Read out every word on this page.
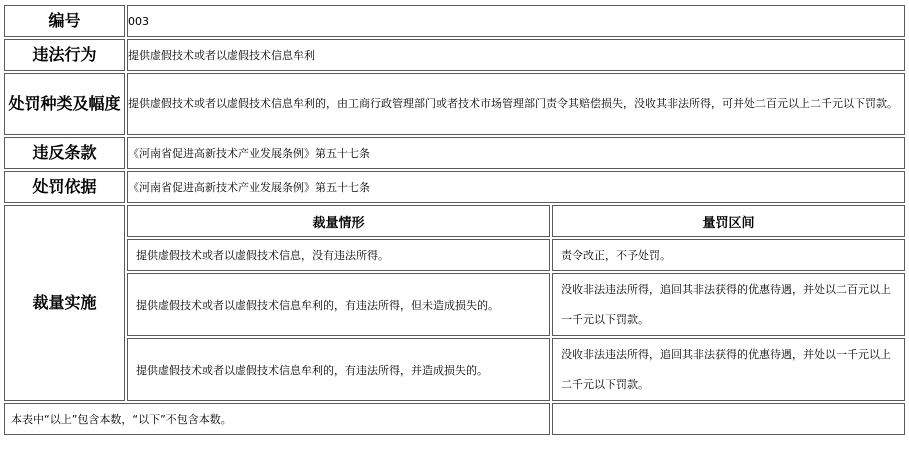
编号	003
违法行为	提供虚假技术或者以虚假技术信息牟利
处罚种类及幅度	提供虚假技术或者以虚假技术信息牟利的，由工商行政管理部门或者技术市场管理部门责令其赔偿损失，没收其非法所得，可并处二百元以上二千元以下罚款。
违反条款	《河南省促进高新技术产业发展条例》第五十七条
处罚依据	《河南省促进高新技术产业发展条例》第五十七条
裁量实施	
裁量情形	量罚区间
提供虚假技术或者以虚假技术信息，没有违法所得。	责令改正，不予处罚。
提供虚假技术或者以虚假技术信息牟利的，有违法所得，但未造成损失的。	没收非法违法所得，追回其非法获得的优惠待遇，并处以二百元以上一千元以下罚款。
提供虚假技术或者以虚假技术信息牟利的，有违法所得，并造成损失的。	没收非法违法所得，追回其非法获得的优惠待遇，并处以一千元以上二千元以下罚款。

本表中“以上”包含本数，“以下”不包含本数。	
